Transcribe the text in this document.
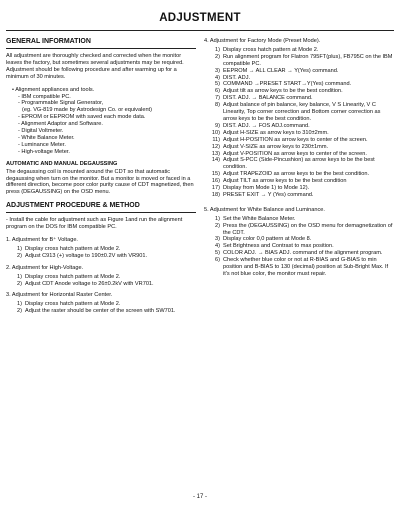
ADJUSTMENT
GENERAL INFORMATION
All adjustment are thoroughly checked and corrected when the monitor leaves the factory, but sometimes several adjustments may be required.
Adjustment should be following procedure and after warming up for a minimum of 30 minutes.
• Alignment appliances and tools.
- IBM compatible PC.
- Programmable Signal Generator,
(eg. VG-819 made by Astrodesign Co. or equivalent)
- EPROM or EEPROM with saved each mode data.
- Alignment Adaptor and Software.
- Digital Voltmeter.
- White Balance Meter.
- Luminance Meter.
- High-voltage Meter.
AUTOMATIC AND MANUAL DEGAUSSING
The degaussing coil is mounted around the CDT so that automatic degaussing when turn on the monitor. But a monitor is moved or faced in a different direction, become poor color purity cause of CDT magnetized, then press (DEGAUSSING) on the OSD menu.
ADJUSTMENT PROCEDURE & METHOD
- Install the cable for adjustment such as Figure 1and run the alignment program on the DOS for IBM compatible PC.
1. Adjustment for B⁺ Voltage.
1) Display cross hatch pattern at Mode 2.
2) Adjust C913 (+) voltage to 190±0.2V with VR901.
2. Adjustment for High-Voltage.
1) Display cross hatch pattern at Mode 2.
2) Adjust CDT Anode voltage to 26±0.2kV with VR701.
3. Adjustment for Horizontal Raster Center.
1) Display cross hatch pattern at Mode 2.
2) Adjust the raster should be center of the screen with SW701.
4. Adjustment for Factory Mode (Preset Mode).
1) Display cross hatch pattern at Mode 2.
2) Run alignment program for Flatron 795FT(plus), FB795C on the IBM compatible PC.
3) EEPROM → ALL CLEAR → Y(Yes) command.
4) DIST. ADJ.
5) COMMAND →PRESET START→Y(Yes) command.
6) Adjust tilt as arrow keys to be the best condition.
7) DIST. ADJ. → BALANCE command.
8) Adjust balance of pin balance, key balance, V S Linearity, V C Linearity, Top corner correction and Bottom corner correction as arrow keys to be the best condition.
9) DIST. ADJ. → FOS ADJ.command.
10) Adjust H-SIZE as arrow keys to 310±2mm.
11) Adjust H-POSITION as arrow keys to center of the screen.
12) Adjust V-SIZE as arrow keys to 230±1mm.
13) Adjust V-POSITION as arrow keys to center of the screen.
14) Adjust S-PCC (Side-Pincushion) as arrow keys to be the best condition.
15) Adjust TRAPEZOID as arrow keys to be the best condition.
16) Adjust TILT as arrow keys to be the best condition
17) Display from Mode 1) to Mode 12).
18) PRESET EXIT → Y (Yes) command.
5. Adjustment for White Balance and Luminance.
1) Set the White Balance Meter.
2) Press the (DEGAUSSING) on the OSD menu for demagnetization of the CDT.
3) Display color 0,0 pattern at Mode 8.
4) Set Brightness and Contrast to max position.
5) COLOR ADJ. → BIAS ADJ. command of the alignment program.
6) Check whether blue color or not at R-BIAS and G-BIAS to min position and B-BIAS to 130 (decimal) position at Sub-Bright Max. If it's not blue color, the monitor must repair.
- 17 -
